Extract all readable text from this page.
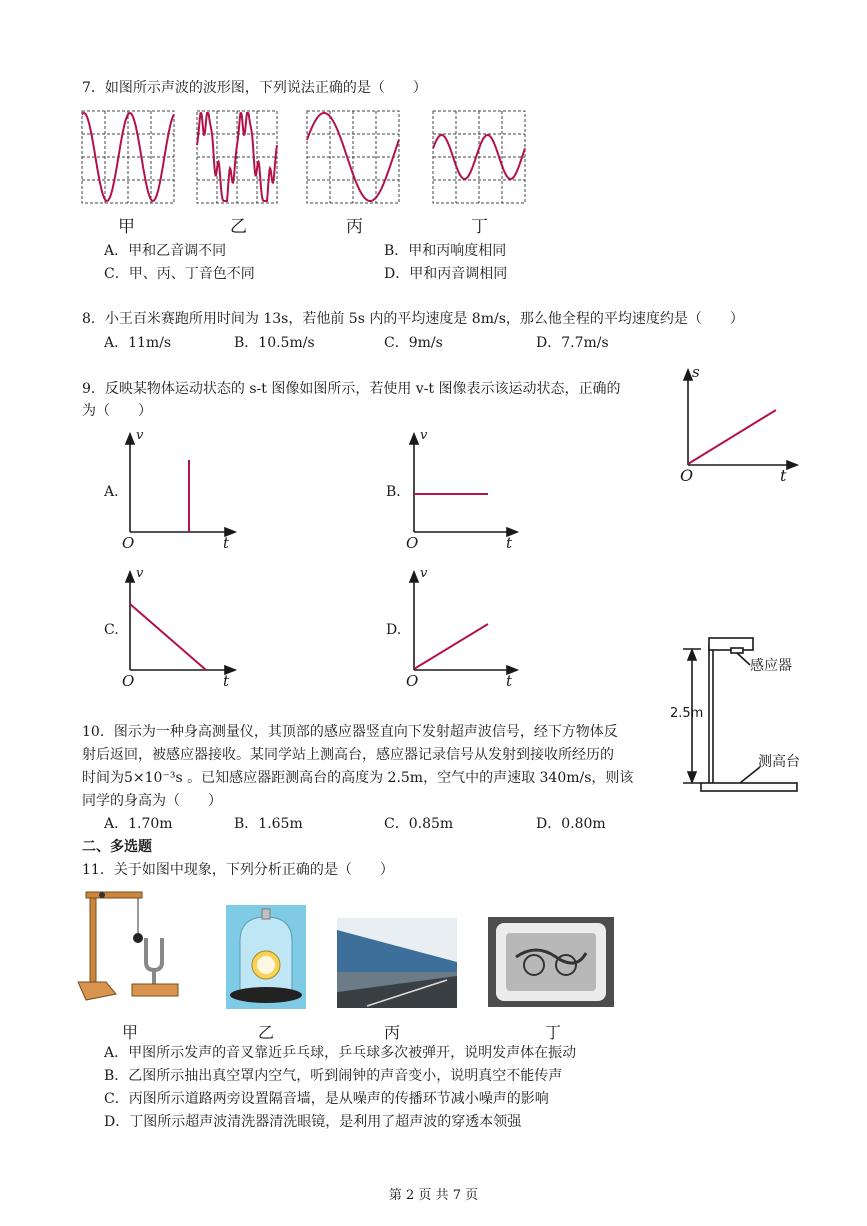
7．如图所示声波的波形图，下列说法正确的是（　　）
甲	乙	丙	丁
A．甲和乙音调不同	B．甲和丙响度相同
C．甲、丙、丁音色不同	D．甲和丙音调相同
8．小王百米赛跑所用时间为 13s，若他前 5s 内的平均速度是 8m/s，那么他全程的平均速度约是（　　）
A．11m/s	B．10.5m/s	C．9m/s	D．7.7m/s
9．反映某物体运动状态的 s-t 图像如图所示，若使用 v-t 图像表示该运动状态，正确的
为（　　）
s
t
O
A.	B.
C.	D.
v
t
O
v
t
O
v
t
O
v
t
O
感应器
测高台
2.5m
10．图示为一种身高测量仪，其顶部的感应器竖直向下发射超声波信号，经下方物体反
射后返回，被感应器接收。某同学站上测高台，感应器记录信号从发射到接收所经历的
时间为5×10⁻³s 。已知感应器距测高台的高度为 2.5m，空气中的声速取 340m/s，则该
同学的身高为（　　）
A．1.70m	B．1.65m	C．0.85m	D．0.80m
二、多选题
11．关于如图中现象，下列分析正确的是（　　）
甲	乙	丙	丁
A．甲图所示发声的音叉靠近乒乓球，乒乓球多次被弹开，说明发声体在振动
B．乙图所示抽出真空罩内空气，听到闹钟的声音变小，说明真空不能传声
C．丙图所示道路两旁设置隔音墙，是从噪声的传播环节减小噪声的影响
D．丁图所示超声波清洗器清洗眼镜，是利用了超声波的穿透本领强
第 2 页 共 7 页
